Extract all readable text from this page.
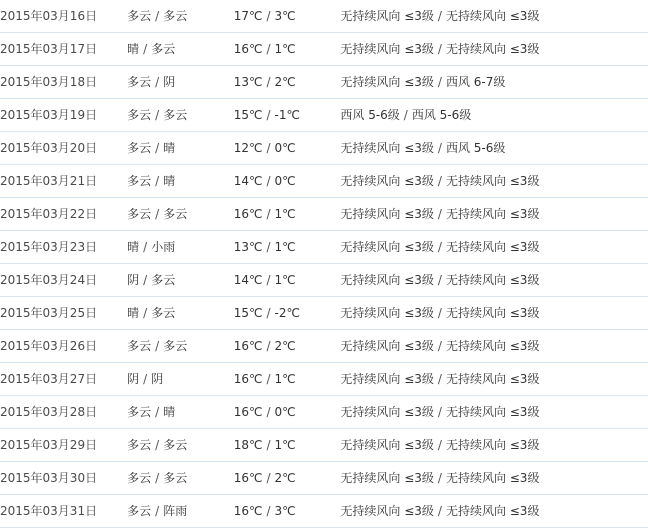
2015年03月16日	多云 / 多云	17℃ / 3℃	无持续风向 ≤3级 / 无持续风向 ≤3级
2015年03月17日	晴 / 多云	16℃ / 1℃	无持续风向 ≤3级 / 无持续风向 ≤3级
2015年03月18日	多云 / 阴	13℃ / 2℃	无持续风向 ≤3级 / 西风 6-7级
2015年03月19日	多云 / 多云	15℃ / -1℃	西风 5-6级 / 西风 5-6级
2015年03月20日	多云 / 晴	12℃ / 0℃	无持续风向 ≤3级 / 西风 5-6级
2015年03月21日	多云 / 晴	14℃ / 0℃	无持续风向 ≤3级 / 无持续风向 ≤3级
2015年03月22日	多云 / 多云	16℃ / 1℃	无持续风向 ≤3级 / 无持续风向 ≤3级
2015年03月23日	晴 / 小雨	13℃ / 1℃	无持续风向 ≤3级 / 无持续风向 ≤3级
2015年03月24日	阴 / 多云	14℃ / 1℃	无持续风向 ≤3级 / 无持续风向 ≤3级
2015年03月25日	晴 / 多云	15℃ / -2℃	无持续风向 ≤3级 / 无持续风向 ≤3级
2015年03月26日	多云 / 多云	16℃ / 2℃	无持续风向 ≤3级 / 无持续风向 ≤3级
2015年03月27日	阴 / 阴	16℃ / 1℃	无持续风向 ≤3级 / 无持续风向 ≤3级
2015年03月28日	多云 / 晴	16℃ / 0℃	无持续风向 ≤3级 / 无持续风向 ≤3级
2015年03月29日	多云 / 多云	18℃ / 1℃	无持续风向 ≤3级 / 无持续风向 ≤3级
2015年03月30日	多云 / 多云	16℃ / 2℃	无持续风向 ≤3级 / 无持续风向 ≤3级
2015年03月31日	多云 / 阵雨	16℃ / 3℃	无持续风向 ≤3级 / 无持续风向 ≤3级
